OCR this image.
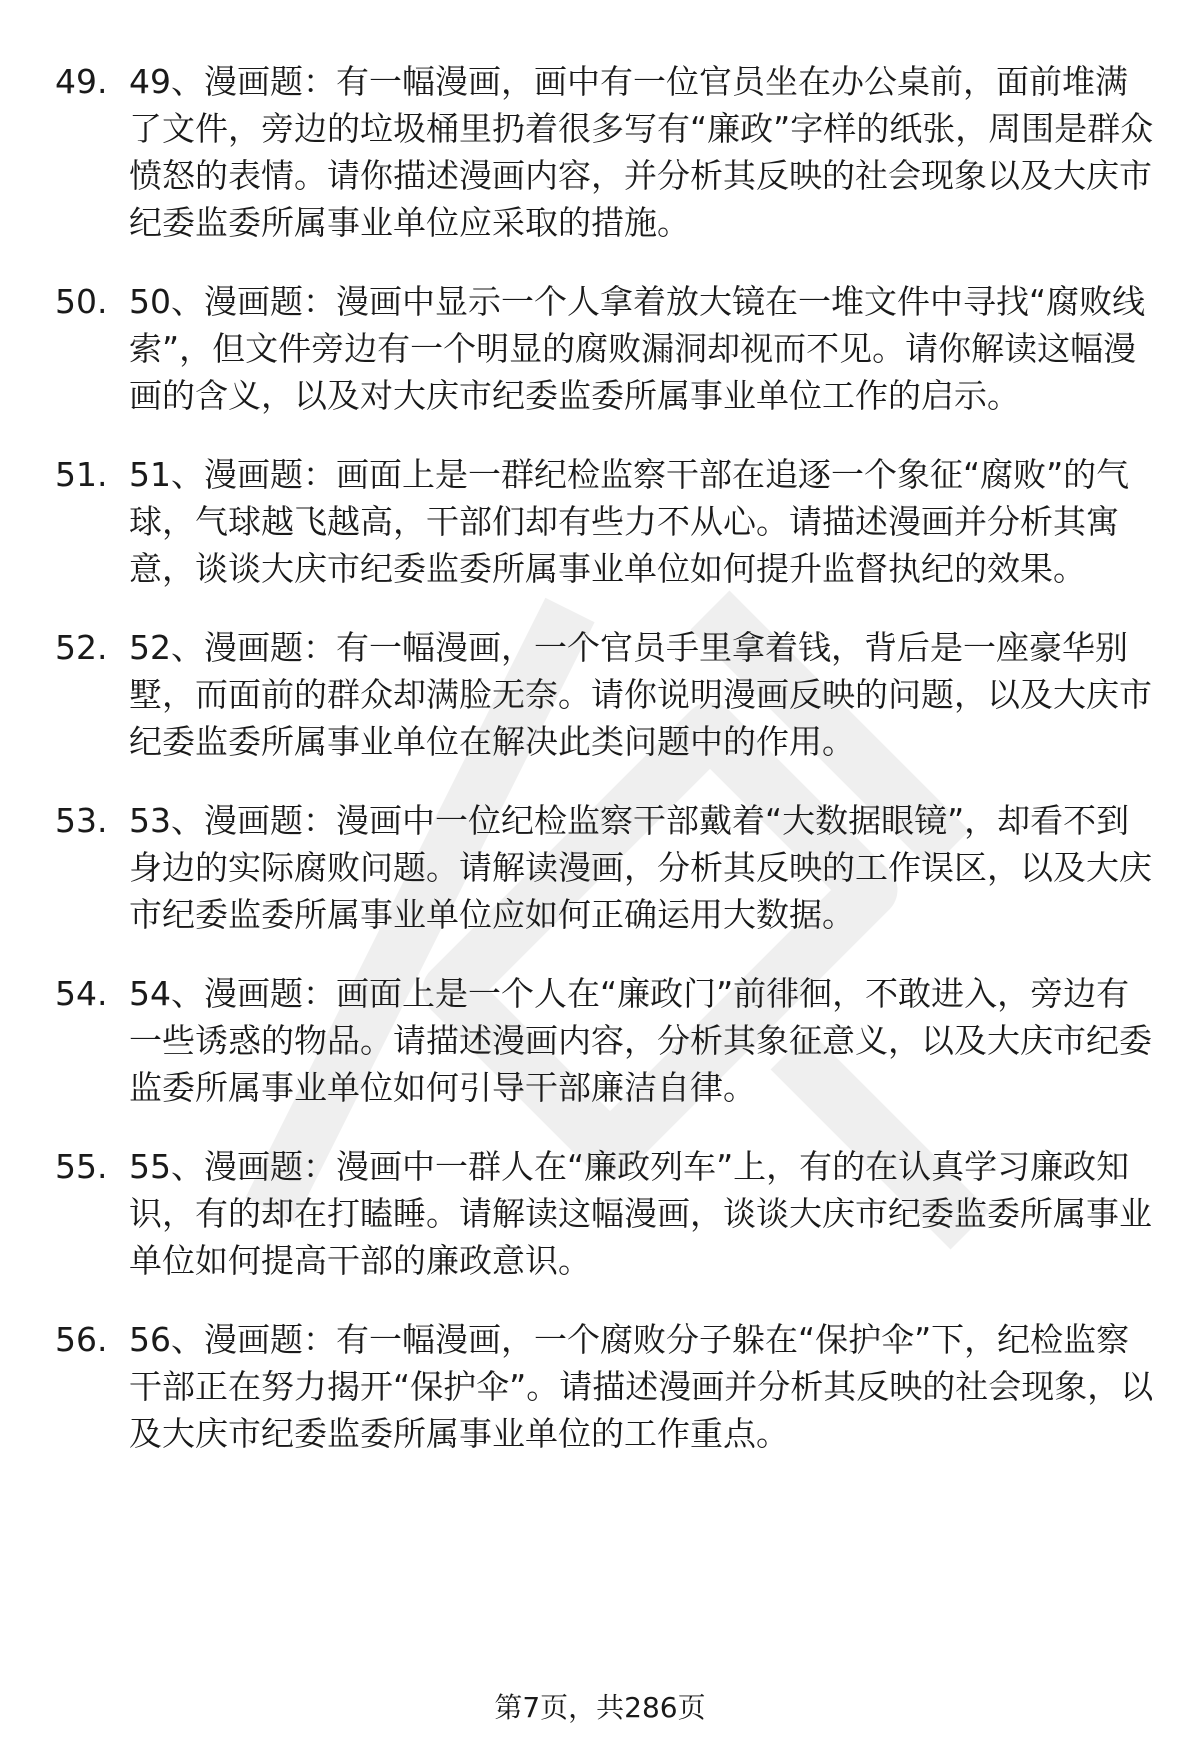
49. 49、漫画题：有一幅漫画，画中有一位官员坐在办公桌前，面前堆满了文件，旁边的垃圾桶里扔着很多写有“廉政”字样的纸张，周围是群众愤怒的表情。请你描述漫画内容，并分析其反映的社会现象以及大庆市纪委监委所属事业单位应采取的措施。
50. 50、漫画题：漫画中显示一个人拿着放大镜在一堆文件中寻找“腐败线索”，但文件旁边有一个明显的腐败漏洞却视而不见。请你解读这幅漫画的含义，以及对大庆市纪委监委所属事业单位工作的启示。
51. 51、漫画题：画面上是一群纪检监察干部在追逐一个象征“腐败”的气球，气球越飞越高，干部们却有些力不从心。请描述漫画并分析其寓意，谈谈大庆市纪委监委所属事业单位如何提升监督执纪的效果。
52. 52、漫画题：有一幅漫画，一个官员手里拿着钱，背后是一座豪华别墅，而面前的群众却满脸无奈。请你说明漫画反映的问题，以及大庆市纪委监委所属事业单位在解决此类问题中的作用。
53. 53、漫画题：漫画中一位纪检监察干部戴着“大数据眼镜”，却看不到身边的实际腐败问题。请解读漫画，分析其反映的工作误区，以及大庆市纪委监委所属事业单位应如何正确运用大数据。
54. 54、漫画题：画面上是一个人在“廉政门”前徘徊，不敢进入，旁边有一些诱惑的物品。请描述漫画内容，分析其象征意义，以及大庆市纪委监委所属事业单位如何引导干部廉洁自律。
55. 55、漫画题：漫画中一群人在“廉政列车”上，有的在认真学习廉政知识，有的却在打瞌睡。请解读这幅漫画，谈谈大庆市纪委监委所属事业单位如何提高干部的廉政意识。
56. 56、漫画题：有一幅漫画，一个腐败分子躲在“保护伞”下，纪检监察干部正在努力揭开“保护伞”。请描述漫画并分析其反映的社会现象，以及大庆市纪委监委所属事业单位的工作重点。
第7页，共286页
